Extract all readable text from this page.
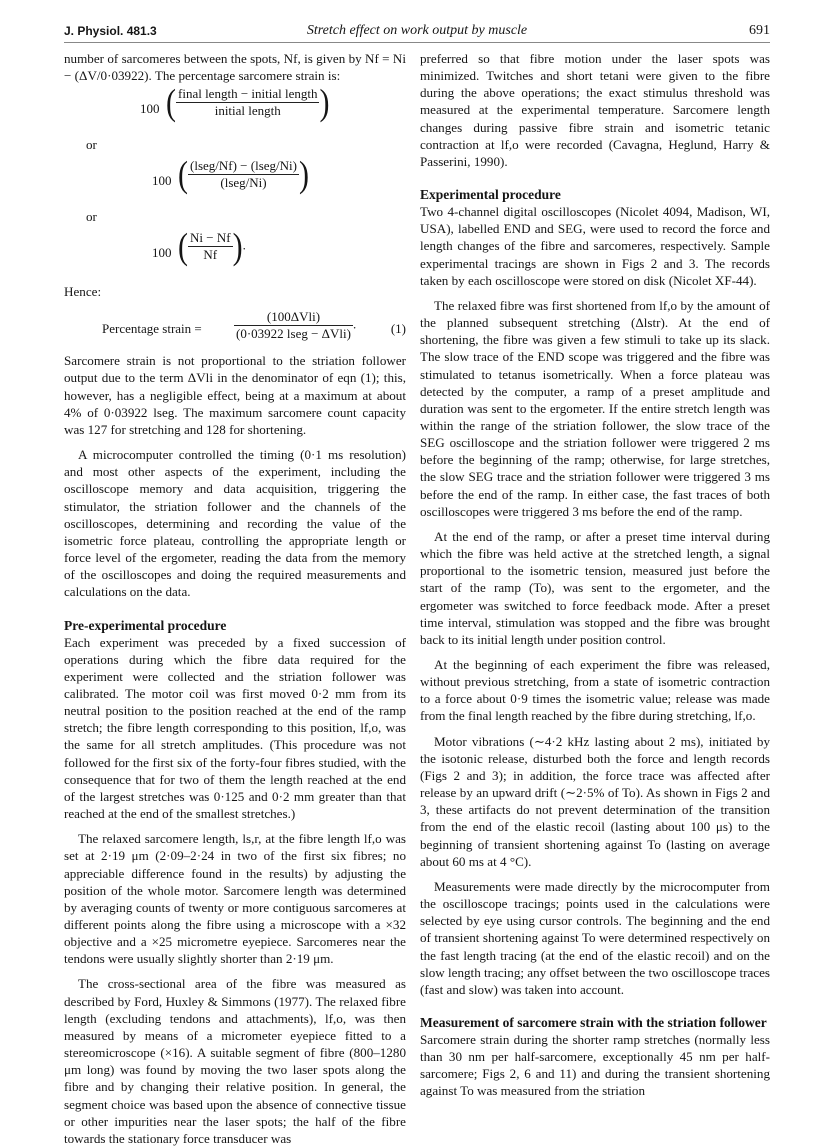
J. Physiol. 481.3	Stretch effect on work output by muscle	691

number of sarcomeres between the spots, Nf, is given by Nf = Ni − (ΔV/0·03922). The percentage sarcomere strain is:

100 ( $\frac{\text{final length − initial length}}{\text{initial length}}$ )
or
100 ( $\frac{\text{(lseg/Nf) − (lseg/Ni)}}{\text{(lseg/Ni)}}$ )
or
100 ( $\frac{Ni - Nf}{Nf}$ ).
Hence:
Percentage strain = $\frac{\text{(100ΔVli)}}{\text{(0·03922 lseg − ΔVli)}}$ .	(1)

Sarcomere strain is not proportional to the striation follower output due to the term ΔVli in the denominator of eqn (1); this, however, has a negligible effect, being at a maximum at about 4% of 0·03922 lseg. The maximum sarcomere count capacity was 127 for stretching and 128 for shortening.

A microcomputer controlled the timing (0·1 ms resolution) and most other aspects of the experiment, including the oscilloscope memory and data acquisition, triggering the stimulator, the striation follower and the channels of the oscilloscopes, determining and recording the value of the isometric force plateau, controlling the appropriate length or force level of the ergometer, reading the data from the memory of the oscilloscopes and doing the required measurements and calculations on the data.

Pre-experimental procedure

Each experiment was preceded by a fixed succession of operations during which the fibre data required for the experiment were collected and the striation follower was calibrated. The motor coil was first moved 0·2 mm from its neutral position to the position reached at the end of the ramp stretch; the fibre length corresponding to this position, lf,o, was the same for all stretch amplitudes. (This procedure was not followed for the first six of the forty-four fibres studied, with the consequence that for two of them the length reached at the end of the largest stretches was 0·125 and 0·2 mm greater than that reached at the end of the smallest stretches.)

The relaxed sarcomere length, ls,r, at the fibre length lf,o was set at 2·19 μm (2·09–2·24 in two of the first six fibres; no appreciable difference found in the results) by adjusting the position of the whole motor. Sarcomere length was determined by averaging counts of twenty or more contiguous sarcomeres at different points along the fibre using a microscope with a ×32 objective and a ×25 micrometre eyepiece. Sarcomeres near the tendons were usually slightly shorter than 2·19 μm.

The cross-sectional area of the fibre was measured as described by Ford, Huxley & Simmons (1977). The relaxed fibre length (excluding tendons and attachments), lf,o, was then measured by means of a micrometer eyepiece fitted to a stereomicroscope (×16). A suitable segment of fibre (800–1280 μm long) was found by moving the two laser spots along the fibre and by changing their relative position. In general, the segment choice was based upon the absence of connective tissue or other impurities near the laser spots; the half of the fibre towards the stationary force transducer was

preferred so that fibre motion under the laser spots was minimized. Twitches and short tetani were given to the fibre during the above operations; the exact stimulus threshold was measured at the experimental temperature. Sarcomere length changes during passive fibre strain and isometric tetanic contraction at lf,o were recorded (Cavagna, Heglund, Harry & Passerini, 1990).

Experimental procedure

Two 4-channel digital oscilloscopes (Nicolet 4094, Madison, WI, USA), labelled END and SEG, were used to record the force and length changes of the fibre and sarcomeres, respectively. Sample experimental tracings are shown in Figs 2 and 3. The records taken by each oscilloscope were stored on disk (Nicolet XF-44).

The relaxed fibre was first shortened from lf,o by the amount of the planned subsequent stretching (Δlstr). At the end of shortening, the fibre was given a few stimuli to take up its slack. The slow trace of the END scope was triggered and the fibre was stimulated to tetanus isometrically. When a force plateau was detected by the computer, a ramp of a preset amplitude and duration was sent to the ergometer. If the entire stretch length was within the range of the striation follower, the slow trace of the SEG oscilloscope and the striation follower were triggered 2 ms before the beginning of the ramp; otherwise, for large stretches, the slow SEG trace and the striation follower were triggered 3 ms before the end of the ramp. In either case, the fast traces of both oscilloscopes were triggered 3 ms before the end of the ramp.

At the end of the ramp, or after a preset time interval during which the fibre was held active at the stretched length, a signal proportional to the isometric tension, measured just before the start of the ramp (To), was sent to the ergometer, and the ergometer was switched to force feedback mode. After a preset time interval, stimulation was stopped and the fibre was brought back to its initial length under position control.

At the beginning of each experiment the fibre was released, without previous stretching, from a state of isometric contraction to a force about 0·9 times the isometric value; release was made from the final length reached by the fibre during stretching, lf,o.

Motor vibrations (∼4·2 kHz lasting about 2 ms), initiated by the isotonic release, disturbed both the force and length records (Figs 2 and 3); in addition, the force trace was affected after release by an upward drift (∼2·5% of To). As shown in Figs 2 and 3, these artifacts do not prevent determination of the transition from the end of the elastic recoil (lasting about 100 μs) to the beginning of transient shortening against To (lasting on average about 60 ms at 4 °C).

Measurements were made directly by the microcomputer from the oscilloscope tracings; points used in the calculations were selected by eye using cursor controls. The beginning and the end of transient shortening against To were determined respectively on the fast length tracing (at the end of the elastic recoil) and on the slow length tracing; any offset between the two oscilloscope traces (fast and slow) was taken into account.

Measurement of sarcomere strain with the striation follower

Sarcomere strain during the shorter ramp stretches (normally less than 30 nm per half-sarcomere, exceptionally 45 nm per half-sarcomere; Figs 2, 6 and 11) and during the transient shortening against To was measured from the striation
